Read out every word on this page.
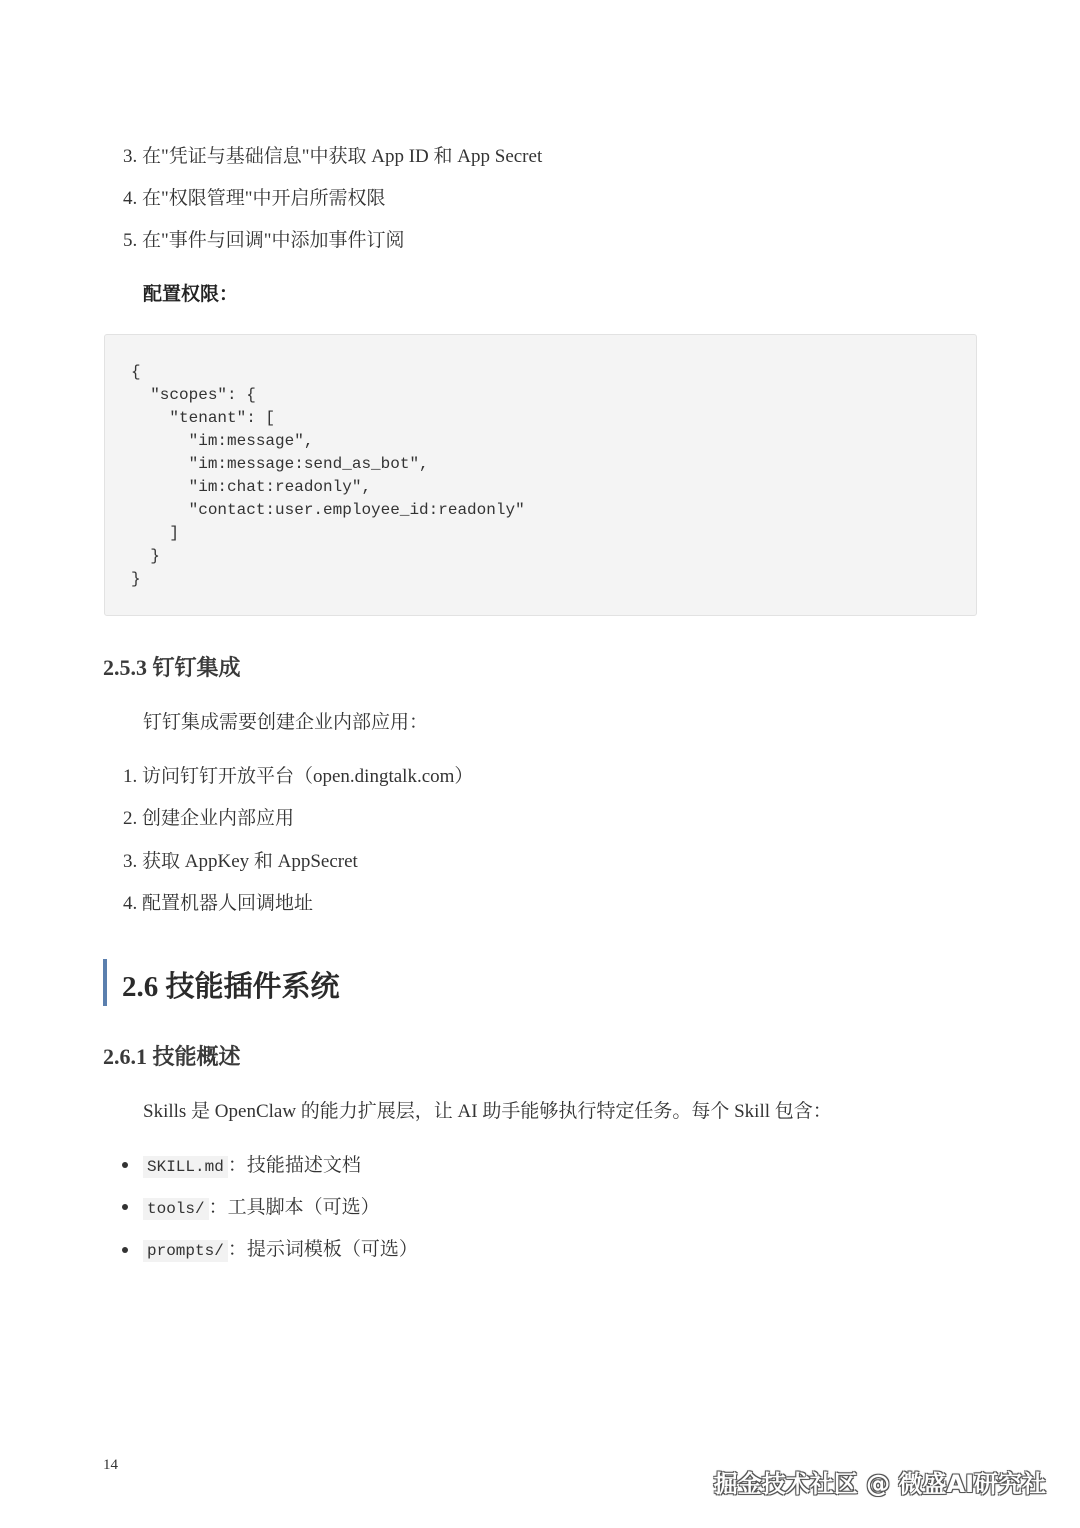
3. 在"凭证与基础信息"中获取 App ID 和 App Secret
4. 在"权限管理"中开启所需权限
5. 在"事件与回调"中添加事件订阅
配置权限：
{
"scopes": {
"tenant": [
"im:message",
"im:message:send_as_bot",
"im:chat:readonly",
"contact:user.employee_id:readonly"
]
}
}
2.5.3 钉钉集成
钉钉集成需要创建企业内部应用：
1. 访问钉钉开放平台（open.dingtalk.com）
2. 创建企业内部应用
3. 获取 AppKey 和 AppSecret
4. 配置机器人回调地址
2.6 技能插件系统
2.6.1 技能概述
Skills 是 OpenClaw 的能力扩展层，让 AI 助手能够执行特定任务。每个 Skill 包含：
SKILL.md ：技能描述文档
tools/ ：工具脚本（可选）
prompts/ ：提示词模板（可选）
14
掘金技术社区 @ 微盛AI研究社
